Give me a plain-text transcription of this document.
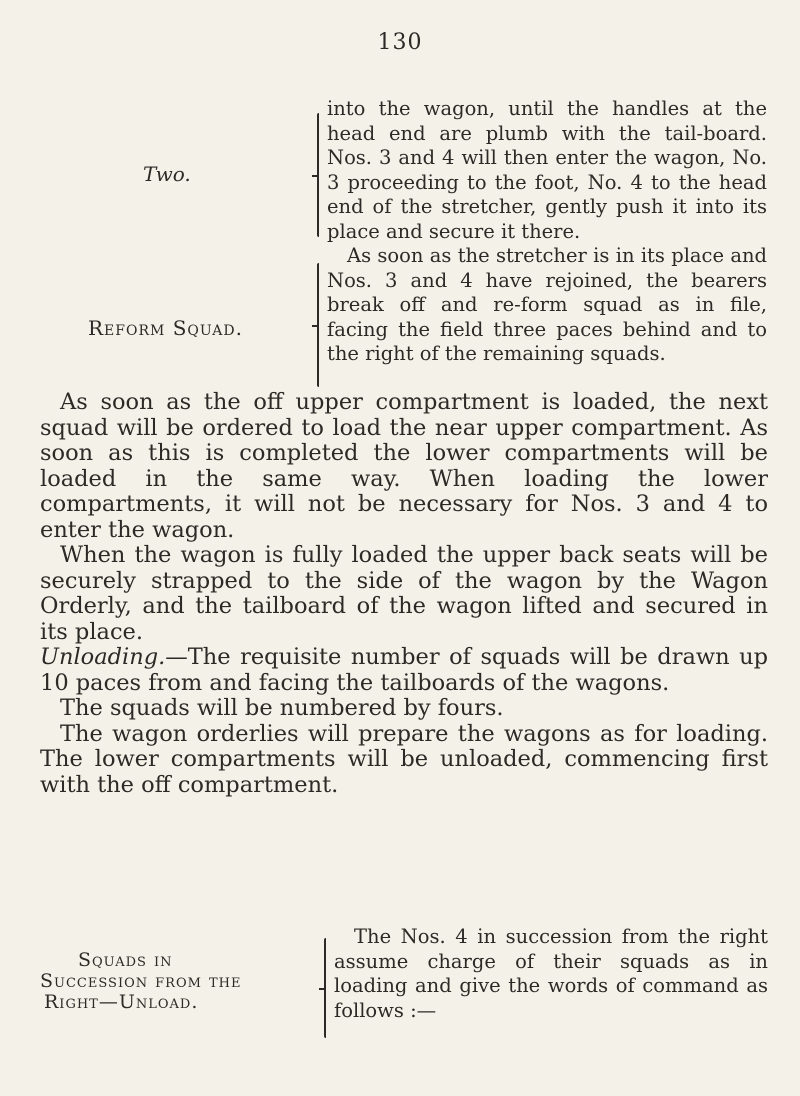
130
Two.
into the wagon, until the handles at the head end are plumb with the tail-board. Nos. 3 and 4 will then enter the wagon, No. 3 proceeding to the foot, No. 4 to the head end of the stretcher, gently push it into its place and secure it there.
Reform Squad.
As soon as the stretcher is in its place and Nos. 3 and 4 have rejoined, the bearers break off and re-form squad as in file, facing the field three paces behind and to the right of the remaining squads.

As soon as the off upper compartment is loaded, the next squad will be ordered to load the near upper compartment. As soon as this is completed the lower compartments will be loaded in the same way. When loading the lower compartments, it will not be necessary for Nos. 3 and 4 to enter the wagon.

When the wagon is fully loaded the upper back seats will be securely strapped to the side of the wagon by the Wagon Orderly, and the tailboard of the wagon lifted and secured in its place.

Unloading.—The requisite number of squads will be drawn up 10 paces from and facing the tailboards of the wagons.

The squads will be numbered by fours.

The wagon orderlies will prepare the wagons as for loading. The lower compartments will be unloaded, commencing first with the off compartment.

Squads in
Succession from the
Right—Unload.
The Nos. 4 in succession from the right assume charge of their squads as in loading and give the words of command as follows :—
